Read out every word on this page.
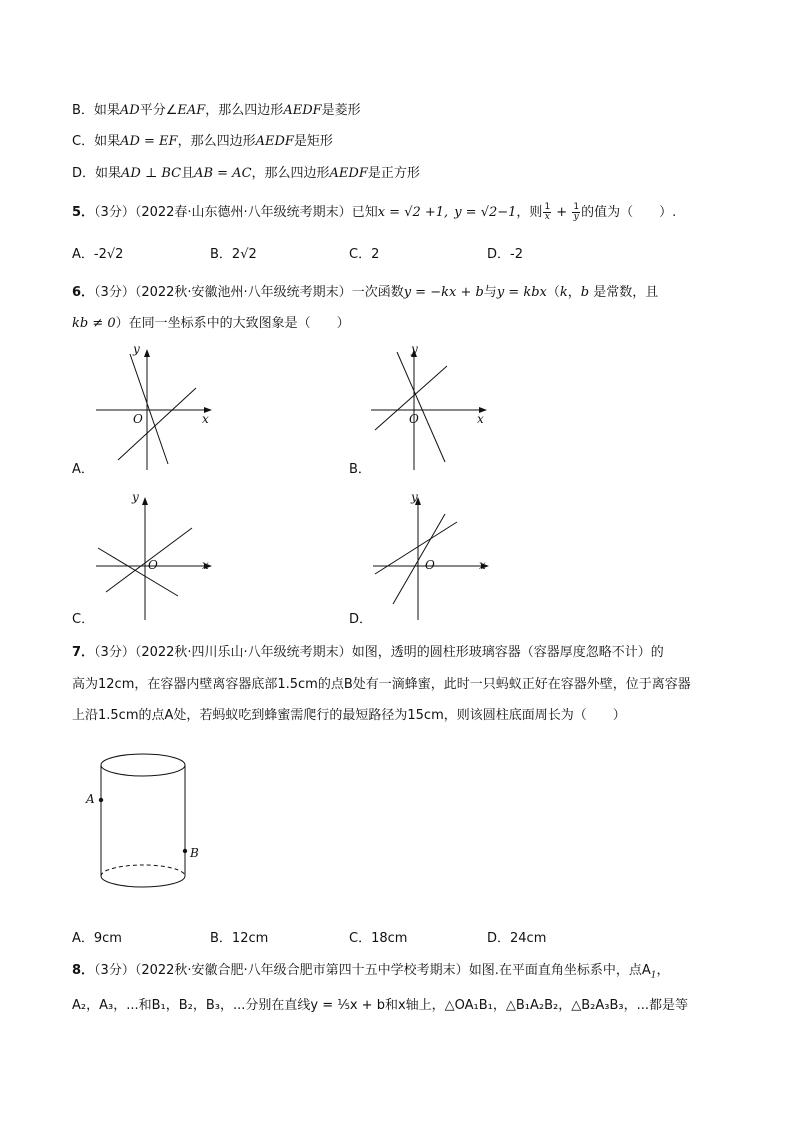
B．如果AD平分∠EAF，那么四边形AEDF是菱形
C．如果AD = EF，那么四边形AEDF是矩形
D．如果AD ⊥ BC且AB = AC，那么四边形AEDF是正方形
5．（3分）（2022春·山东德州·八年级统考期末）已知x = √2 +1, y = √2−1，则 $\frac{1}{x} + \frac{1}{y}$ 的值为（　　）.
A．-2√2	B．2√2	C．2	D．-2
6．（3分）（2022秋·安徽池州·八年级统考期末）一次函数y = −kx + b与y = kbx（k，b 是常数，且
kb ≠ 0）在同一坐标系中的大致图象是（　　）
y
x
O
A．
y
x
O
B．
y
x
O
C．
y
x
O
D．
7．（3分）（2022秋·四川乐山·八年级统考期末）如图，透明的圆柱形玻璃容器（容器厚度忽略不计）的
高为12cm，在容器内壁离容器底部1.5cm的点B处有一滴蜂蜜，此时一只蚂蚁正好在容器外壁，位于离容器
上沿1.5cm的点A处，若蚂蚁吃到蜂蜜需爬行的最短路径为15cm，则该圆柱底面周长为（　　）
A
B
A．9cm	B．12cm	C．18cm	D．24cm
8．（3分）（2022秋·安徽合肥·八年级合肥市第四十五中学校考期末）如图.在平面直角坐标系中，点$A_1$，
A₂，A₃，...和B₁，B₂，B₃，...分别在直线y = ⅕x + b和x轴上，△OA₁B₁，△B₁A₂B₂，△B₂A₃B₃，...都是等
